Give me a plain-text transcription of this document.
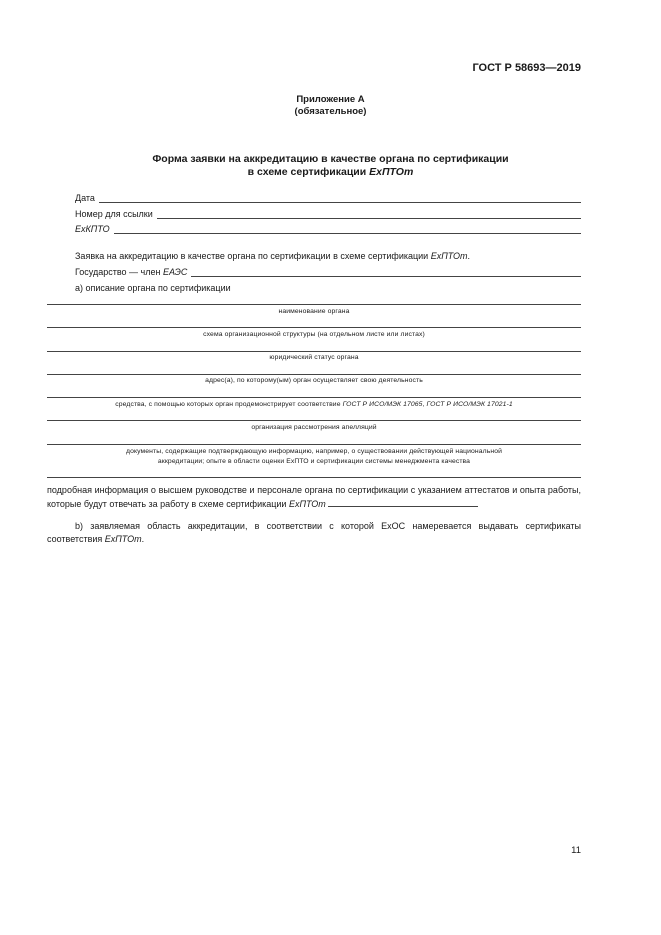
ГОСТ Р 58693—2019
Приложение А
(обязательное)
Форма заявки на аккредитацию в качестве органа по сертификации
в схеме сертификации ExПТОт
Дата
Номер для ссылки
ExКПТО
Заявка на аккредитацию в качестве органа по сертификации в схеме сертификации ExПТОт.
Государство — член ЕАЭС
а) описание органа по сертификации
наименование органа
схема организационной структуры (на отдельном листе или листах)
юридический статус органа
адрес(а), по которому(ым) орган осуществляет свою деятельность
средства, с помощью которых орган продемонстрирует соответствие ГОСТ Р ИСО/МЭК 17065, ГОСТ Р ИСО/МЭК 17021-1
организация рассмотрения апелляций
документы, содержащие подтверждающую информацию, например, о существовании действующей национальной
аккредитации; опыте в области оценки ExПТО и сертификации системы менеджмента качества
подробная информация о высшем руководстве и персонале органа по сертификации с указанием аттестатов и опыта работы, которые будут отвечать за работу в схеме сертификации ExПТОт
b) заявляемая область аккредитации, в соответствии с которой ExОС намеревается выдавать сертификаты соответствия ExПТОт.
11
